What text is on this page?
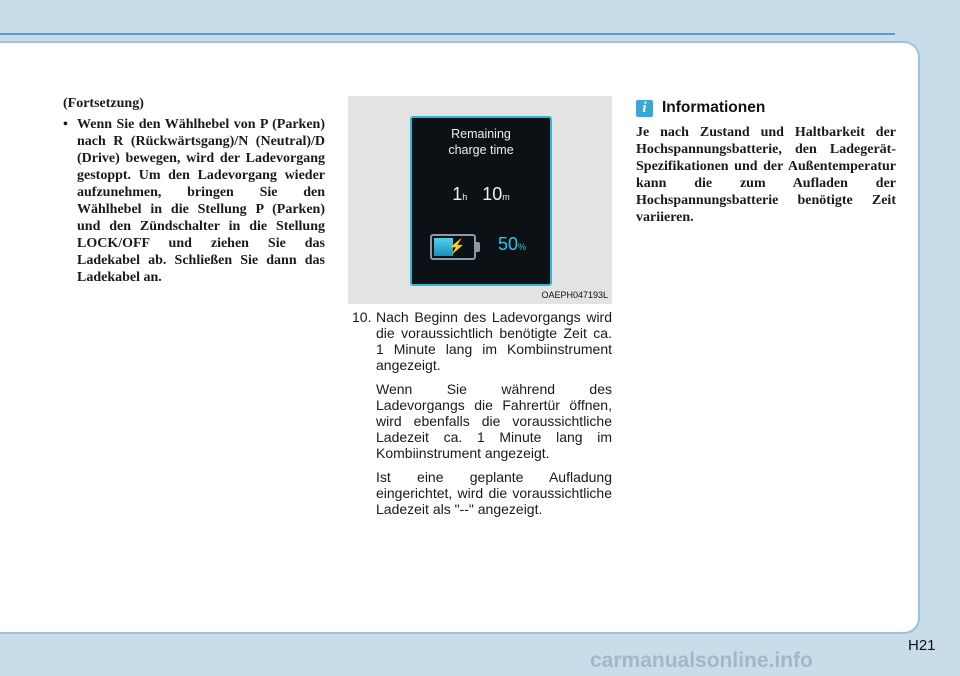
(Fortsetzung)

• Wenn Sie den Wählhebel von P (Parken) nach R (Rückwärtsgang)/N (Neutral)/D (Drive) bewegen, wird der Ladevorgang gestoppt. Um den Ladevorgang wieder aufzunehmen, bringen Sie den Wählhebel in die Stellung P (Parken) und den Zündschalter in die Stellung LOCK/OFF und ziehen Sie das Ladekabel ab. Schließen Sie dann das Ladekabel an.
Remaining
charge time
1h 10m
⚡ 50%
OAEPH047193L

10. Nach Beginn des Ladevorgangs wird die voraussichtlich benötigte Zeit ca. 1 Minute lang im Kombiinstrument angezeigt.

Wenn Sie während des Ladevorgangs die Fahrertür öffnen, wird ebenfalls die voraussichtliche Ladezeit ca. 1 Minute lang im Kombiinstrument angezeigt.

Ist eine geplante Aufladung eingerichtet, wird die voraussichtliche Ladezeit als "--" angezeigt.

i Informationen
Je nach Zustand und Haltbarkeit der Hochspannungsbatterie, den Ladegerät-Spezifikationen und der Außentemperatur kann die zum Aufladen der Hochspannungsbatterie benötigte Zeit variieren.
H21
carmanualsonline.info
